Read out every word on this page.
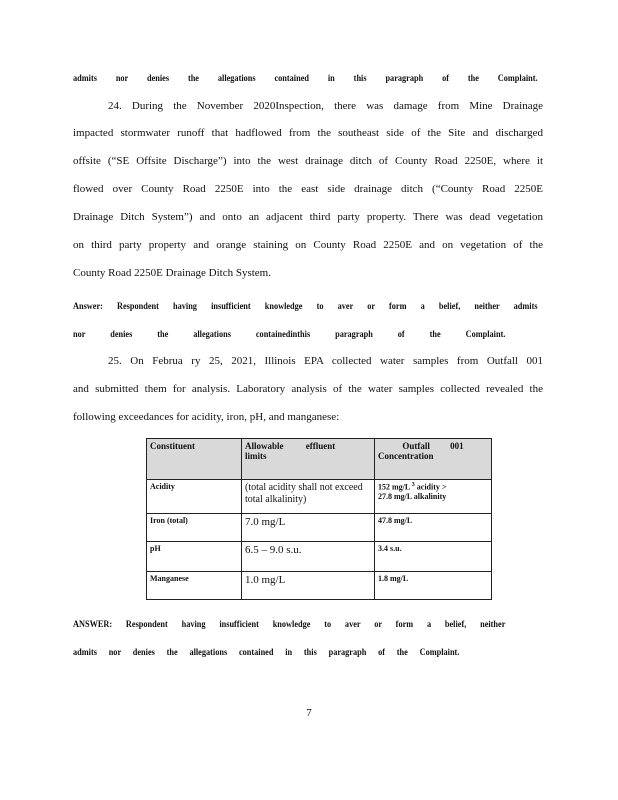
admits nor denies the allegations contained in this paragraph of the Complaint.
24. During the November 2020Inspection, there was damage from Mine Drainage
impacted stormwater runoff that hadflowed from the southeast side of the Site and discharged
offsite (“SE Offsite Discharge”) into the west drainage ditch of County Road 2250E, where it
flowed over County Road 2250E into the east side drainage ditch (“County Road 2250E
Drainage Ditch System”) and onto an adjacent third party property. There was dead vegetation
on third party property and orange staining on County Road 2250E and on vegetation of the
County Road 2250E Drainage Ditch System.
Answer: Respondent having insufficient knowledge to aver or form a belief, neither admits
nor denies the allegations containedinthis paragraph of the Complaint.
25. On Februa ry 25, 2021, Illinois EPA collected water samples from Outfall 001
and submitted them for analysis. Laboratory analysis of the water samples collected revealed the
following exceedances for acidity, iron, pH, and manganese:
Constituent	Allowable effluent limits	Outfall 001
Concentration

Acidity	(total acidity shall not exceed total alkalinity)	152 mg/L $^3$ acidity >
27.8 mg/L alkalinity
Iron (total)	7.0 mg/L	47.8 mg/L
pH	6.5 – 9.0 s.u.	3.4 s.u.
Manganese	1.0 mg/L	1.8 mg/L
ANSWER: Respondent having insufficient knowledge to aver or form a belief, neither
admits nor denies the allegations contained in this paragraph of the Complaint.
7
